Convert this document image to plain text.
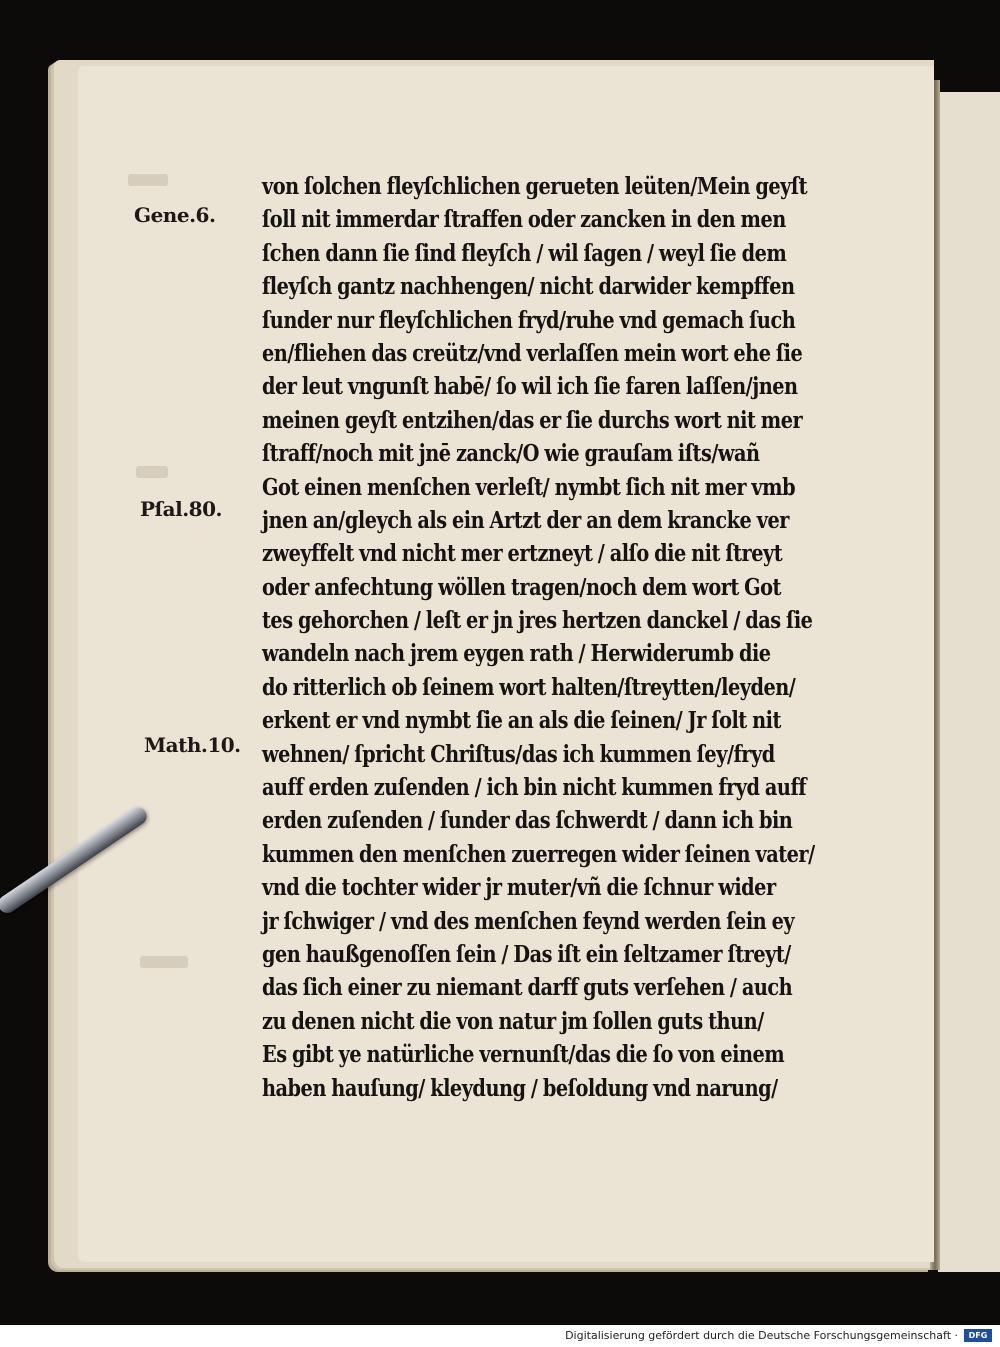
Gene.6.
Pſal.80.
Math.10.
von ſolchen fleyſchlichen gerueten leüten/Mein geyſt
ſoll nit immerdar ſtraffen oder zancken in den men
ſchen dann ſie ſind fleyſch / wil ſagen / weyl ſie dem
fleyſch gantz nachhengen/ nicht darwider kempffen
ſunder nur fleyſchlichen fryd/ruhe vnd gemach ſuch
en/fliehen das creütz/vnd verlaſſen mein wort ehe ſie
der leut vngunſt habē/ ſo wil ich ſie faren laſſen/jnen
meinen geyſt entzihen/das er ſie durchs wort nit mer
ſtraff/noch mit jnē zanck/O wie grauſam iſts/wañ
Got einen menſchen verleſt/ nymbt ſich nit mer vmb
jnen an/gleych als ein Artzt der an dem krancke ver
zweyffelt vnd nicht mer ertzneyt / alſo die nit ſtreyt
oder anfechtung wöllen tragen/noch dem wort Got
tes gehorchen / leſt er jn jres hertzen danckel / das ſie
wandeln nach jrem eygen rath / Herwiderumb die
do ritterlich ob ſeinem wort halten/ſtreytten/leyden/
erkent er vnd nymbt ſie an als die ſeinen/ Jr ſolt nit
wehnen/ ſpricht Chriſtus/das ich kummen ſey/fryd
auff erden zuſenden / ich bin nicht kummen fryd auff
erden zuſenden / ſunder das ſchwerdt / dann ich bin
kummen den menſchen zuerregen wider ſeinen vater/
vnd die tochter wider jr muter/vñ die ſchnur wider
jr ſchwiger / vnd des menſchen feynd werden ſein ey
gen haußgenoſſen ſein / Das iſt ein ſeltzamer ſtreyt/
das ſich einer zu niemant darff guts verſehen / auch
zu denen nicht die von natur jm ſollen guts thun/
Es gibt ye natürliche vernunſt/das die ſo von einem
haben hauſung/ kleydung / beſoldung vnd narung/
Digitalisierung gefördert durch die Deutsche Forschungsgemeinschaft ·	DFG
